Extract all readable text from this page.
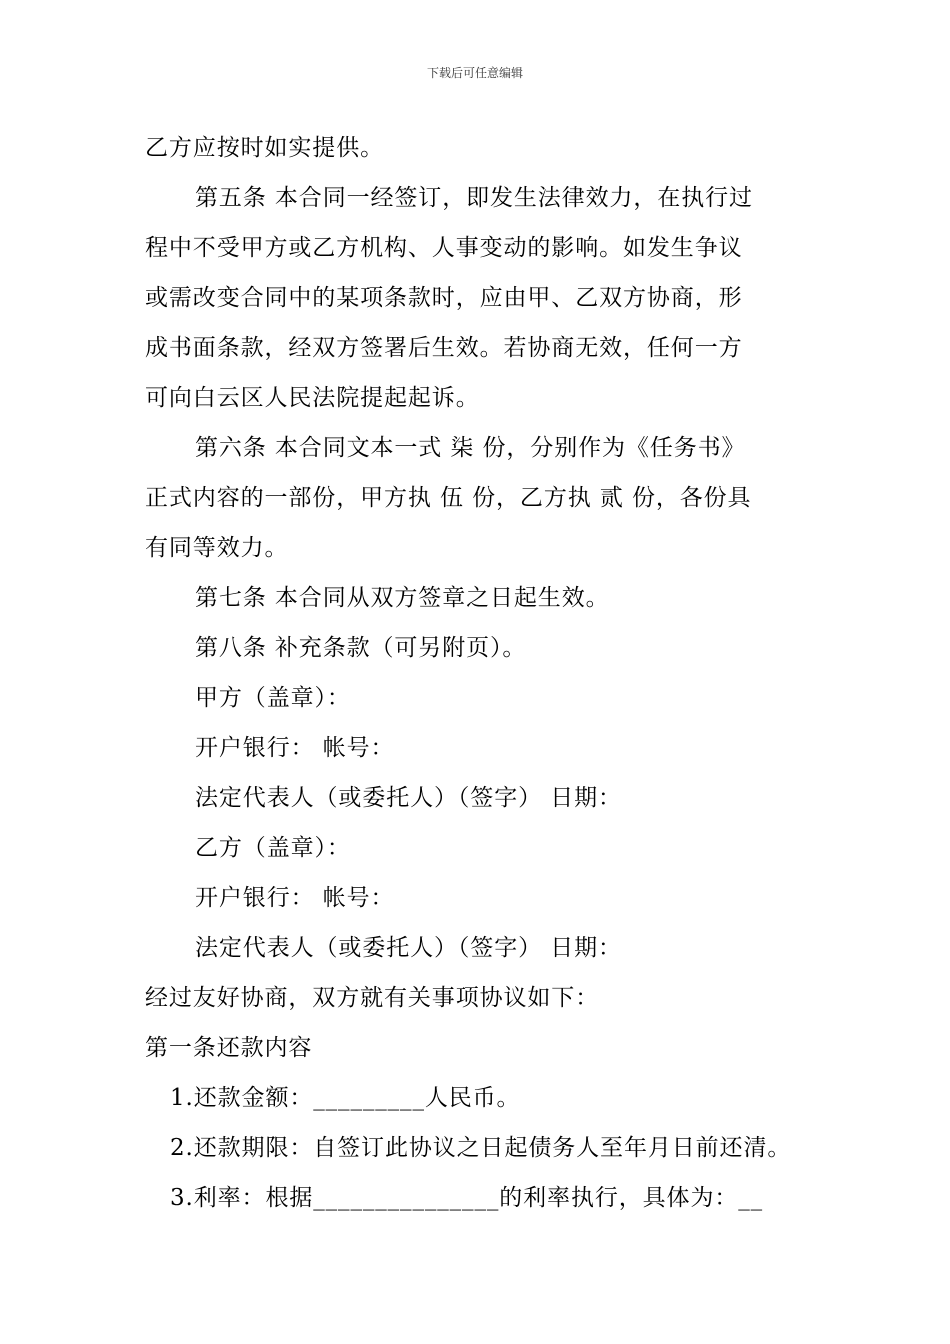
下载后可任意编辑
乙方应按时如实提供。
第五条 本合同一经签订，即发生法律效力，在执行过
程中不受甲方或乙方机构、人事变动的影响。如发生争议
或需改变合同中的某项条款时，应由甲、乙双方协商，形
成书面条款，经双方签署后生效。若协商无效，任何一方
可向白云区人民法院提起起诉。
第六条 本合同文本一式 柒 份，分别作为《任务书》
正式内容的一部份，甲方执 伍 份，乙方执 贰 份，各份具
有同等效力。
第七条 本合同从双方签章之日起生效。
第八条 补充条款（可另附页）。
甲方（盖章）：
开户银行： 帐号：
法定代表人（或委托人）（签字） 日期：
乙方（盖章）：
开户银行： 帐号：
法定代表人（或委托人）（签字） 日期：
经过友好协商，双方就有关事项协议如下：
第一条还款内容
1.还款金额：_________人民币。
2.还款期限：自签订此协议之日起债务人至年月日前还清。
3.利率：根据_______________的利率执行，具体为：__
